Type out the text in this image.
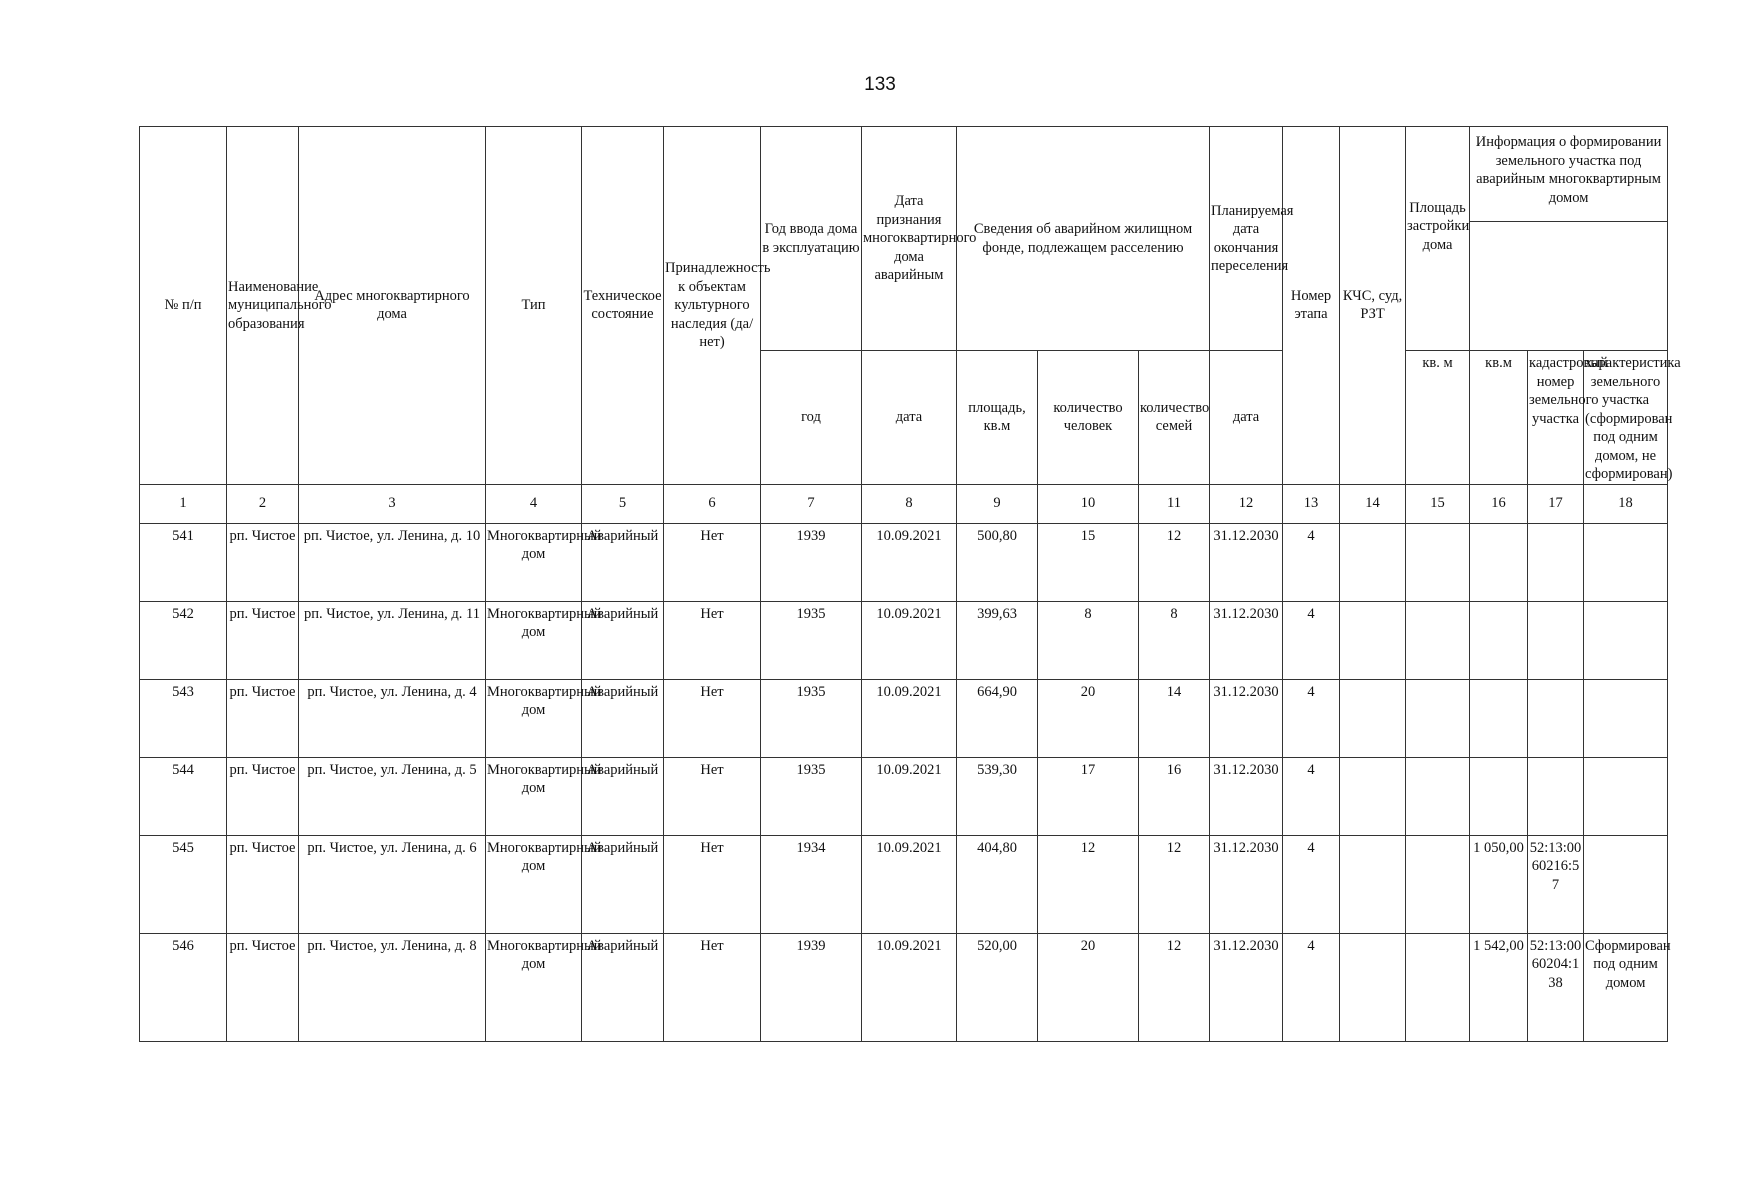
133
№ п/п	Наименование муниципального образования	Адрес многоквартирного дома	Тип	Техническое состояние	Принадлежность к объектам культурного наследия (да/нет)	Год ввода дома в эксплуатацию	Дата признания многоквартирного дома аварийным	Сведения об аварийном жилищном фонде, подлежащем расселению			Планируемая дата окончания переселения	Номер этапа	КЧС, суд, РЗТ	Площадь застройки дома	Информация о формировании земельного участка под аварийным многоквартирным домом		

						год	дата	площадь, кв.м	количество человек	количество семей	дата			кв. м	кв.м	кадастровый номер земельного участка	характеристика земельного участка (сформирован под одним домом, не сформирован)
1	2	3	4	5	6	7	8	9	10	11	12	13	14	15	16	17	18
541	рп. Чистое	рп. Чистое, ул. Ленина, д. 10	Многоквартирный дом	Аварийный	Нет	1939	10.09.2021	500,80	15	12	31.12.2030	4					
542	рп. Чистое	рп. Чистое, ул. Ленина, д. 11	Многоквартирный дом	Аварийный	Нет	1935	10.09.2021	399,63	8	8	31.12.2030	4					
543	рп. Чистое	рп. Чистое, ул. Ленина, д. 4	Многоквартирный дом	Аварийный	Нет	1935	10.09.2021	664,90	20	14	31.12.2030	4					
544	рп. Чистое	рп. Чистое, ул. Ленина, д. 5	Многоквартирный дом	Аварийный	Нет	1935	10.09.2021	539,30	17	16	31.12.2030	4					
545	рп. Чистое	рп. Чистое, ул. Ленина, д. 6	Многоквартирный дом	Аварийный	Нет	1934	10.09.2021	404,80	12	12	31.12.2030	4			1 050,00	52:13:0060216:57	
546	рп. Чистое	рп. Чистое, ул. Ленина, д. 8	Многоквартирный дом	Аварийный	Нет	1939	10.09.2021	520,00	20	12	31.12.2030	4			1 542,00	52:13:0060204:138	Сформирован под одним домом
